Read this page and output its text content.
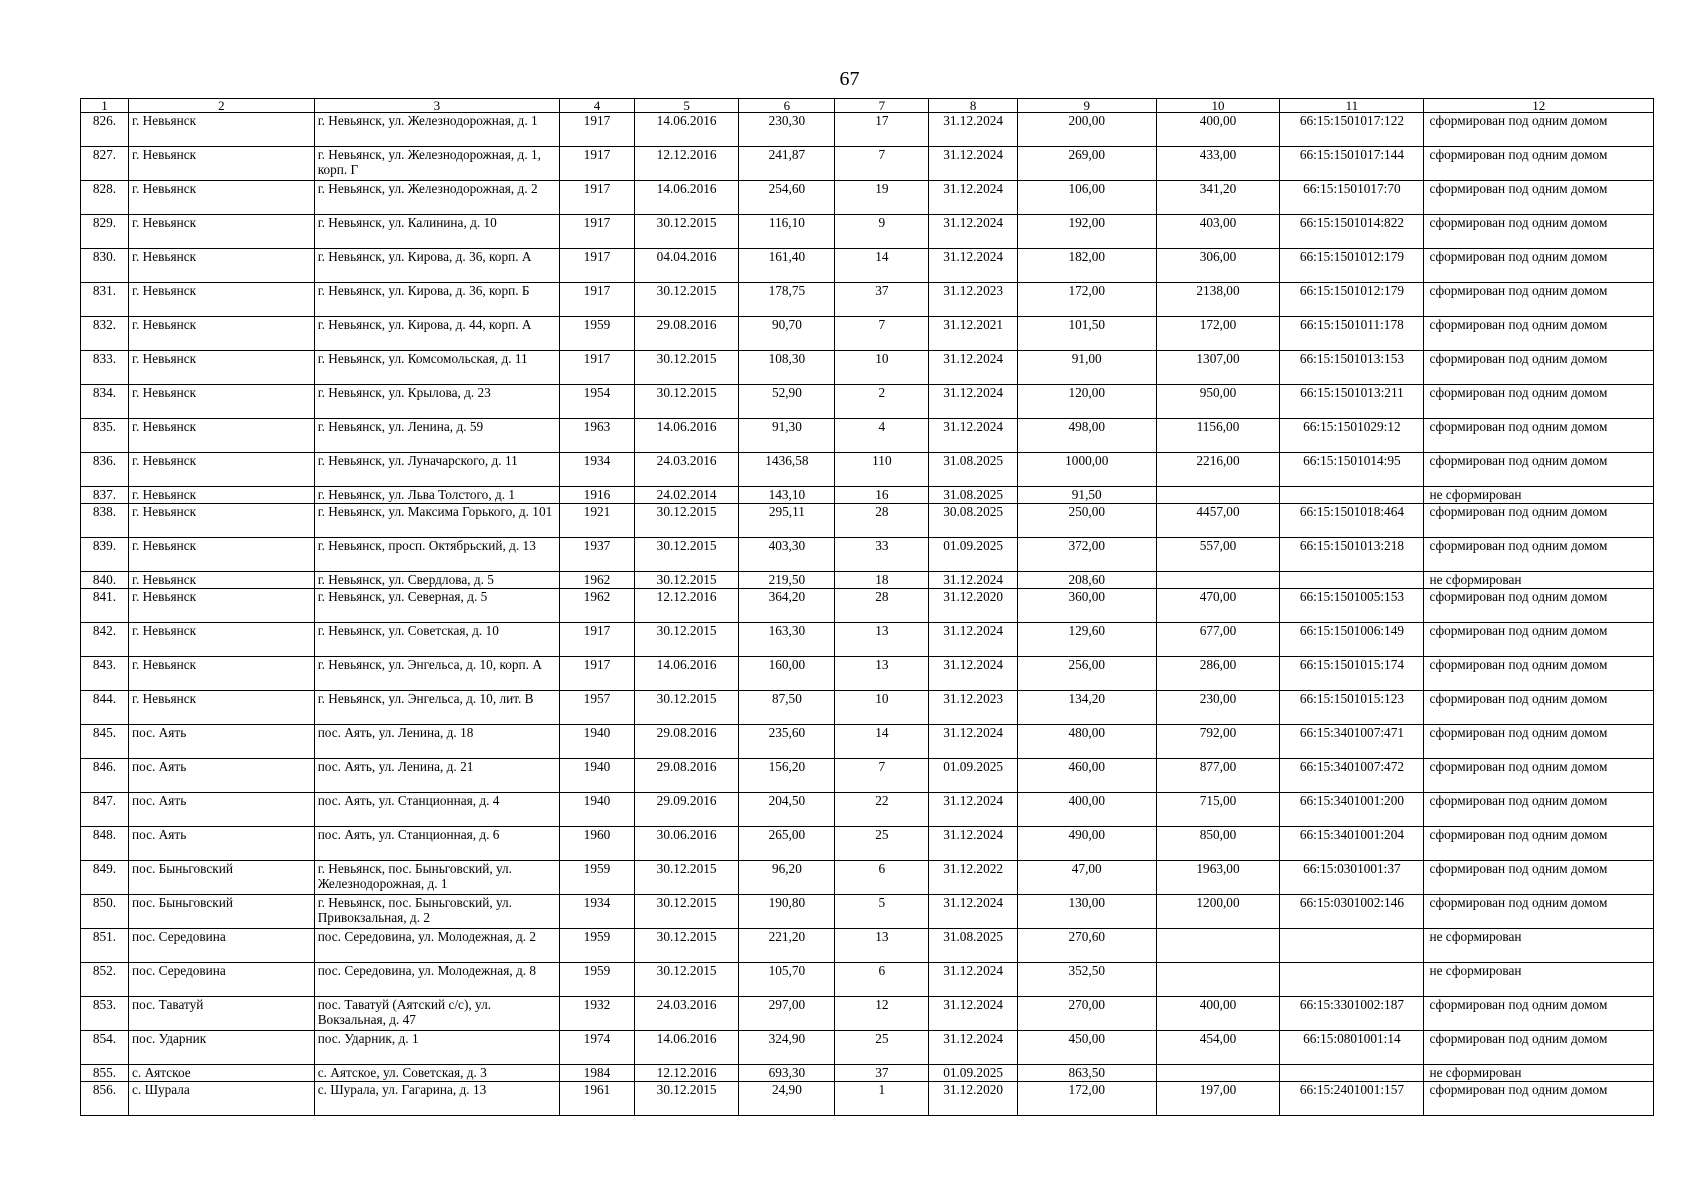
67
1	2	3	4	5	6	7	8	9	10	11	12
826.	г. Невьянск	г. Невьянск, ул. Железнодорожная, д. 1	1917	14.06.2016	230,30	17	31.12.2024	200,00	400,00	66:15:1501017:122	сформирован под одним домом
827.	г. Невьянск	г. Невьянск, ул. Железнодорожная, д. 1, корп. Г	1917	12.12.2016	241,87	7	31.12.2024	269,00	433,00	66:15:1501017:144	сформирован под одним домом
828.	г. Невьянск	г. Невьянск, ул. Железнодорожная, д. 2	1917	14.06.2016	254,60	19	31.12.2024	106,00	341,20	66:15:1501017:70	сформирован под одним домом
829.	г. Невьянск	г. Невьянск, ул. Калинина, д. 10	1917	30.12.2015	116,10	9	31.12.2024	192,00	403,00	66:15:1501014:822	сформирован под одним домом
830.	г. Невьянск	г. Невьянск, ул. Кирова, д. 36, корп. А	1917	04.04.2016	161,40	14	31.12.2024	182,00	306,00	66:15:1501012:179	сформирован под одним домом
831.	г. Невьянск	г. Невьянск, ул. Кирова, д. 36, корп. Б	1917	30.12.2015	178,75	37	31.12.2023	172,00	2138,00	66:15:1501012:179	сформирован под одним домом
832.	г. Невьянск	г. Невьянск, ул. Кирова, д. 44, корп. А	1959	29.08.2016	90,70	7	31.12.2021	101,50	172,00	66:15:1501011:178	сформирован под одним домом
833.	г. Невьянск	г. Невьянск, ул. Комсомольская, д. 11	1917	30.12.2015	108,30	10	31.12.2024	91,00	1307,00	66:15:1501013:153	сформирован под одним домом
834.	г. Невьянск	г. Невьянск, ул. Крылова, д. 23	1954	30.12.2015	52,90	2	31.12.2024	120,00	950,00	66:15:1501013:211	сформирован под одним домом
835.	г. Невьянск	г. Невьянск, ул. Ленина, д. 59	1963	14.06.2016	91,30	4	31.12.2024	498,00	1156,00	66:15:1501029:12	сформирован под одним домом
836.	г. Невьянск	г. Невьянск, ул. Луначарского, д. 11	1934	24.03.2016	1436,58	110	31.08.2025	1000,00	2216,00	66:15:1501014:95	сформирован под одним домом
837.	г. Невьянск	г. Невьянск, ул. Льва Толстого, д. 1	1916	24.02.2014	143,10	16	31.08.2025	91,50			не сформирован
838.	г. Невьянск	г. Невьянск, ул. Максима Горького, д. 101	1921	30.12.2015	295,11	28	30.08.2025	250,00	4457,00	66:15:1501018:464	сформирован под одним домом
839.	г. Невьянск	г. Невьянск, просп. Октябрьский, д. 13	1937	30.12.2015	403,30	33	01.09.2025	372,00	557,00	66:15:1501013:218	сформирован под одним домом
840.	г. Невьянск	г. Невьянск, ул. Свердлова, д. 5	1962	30.12.2015	219,50	18	31.12.2024	208,60			не сформирован
841.	г. Невьянск	г. Невьянск, ул. Северная, д. 5	1962	12.12.2016	364,20	28	31.12.2020	360,00	470,00	66:15:1501005:153	сформирован под одним домом
842.	г. Невьянск	г. Невьянск, ул. Советская, д. 10	1917	30.12.2015	163,30	13	31.12.2024	129,60	677,00	66:15:1501006:149	сформирован под одним домом
843.	г. Невьянск	г. Невьянск, ул. Энгельса, д. 10, корп. А	1917	14.06.2016	160,00	13	31.12.2024	256,00	286,00	66:15:1501015:174	сформирован под одним домом
844.	г. Невьянск	г. Невьянск, ул. Энгельса, д. 10, лит. В	1957	30.12.2015	87,50	10	31.12.2023	134,20	230,00	66:15:1501015:123	сформирован под одним домом
845.	пос. Аять	пос. Аять, ул. Ленина, д. 18	1940	29.08.2016	235,60	14	31.12.2024	480,00	792,00	66:15:3401007:471	сформирован под одним домом
846.	пос. Аять	пос. Аять, ул. Ленина, д. 21	1940	29.08.2016	156,20	7	01.09.2025	460,00	877,00	66:15:3401007:472	сформирован под одним домом
847.	пос. Аять	пос. Аять, ул. Станционная, д. 4	1940	29.09.2016	204,50	22	31.12.2024	400,00	715,00	66:15:3401001:200	сформирован под одним домом
848.	пос. Аять	пос. Аять, ул. Станционная, д. 6	1960	30.06.2016	265,00	25	31.12.2024	490,00	850,00	66:15:3401001:204	сформирован под одним домом
849.	пос. Быньговский	г. Невьянск, пос. Быньговский, ул. Железнодорожная, д. 1	1959	30.12.2015	96,20	6	31.12.2022	47,00	1963,00	66:15:0301001:37	сформирован под одним домом
850.	пос. Быньговский	г. Невьянск, пос. Быньговский, ул. Привокзальная, д. 2	1934	30.12.2015	190,80	5	31.12.2024	130,00	1200,00	66:15:0301002:146	сформирован под одним домом
851.	пос. Середовина	пос. Середовина, ул. Молодежная, д. 2	1959	30.12.2015	221,20	13	31.08.2025	270,60			не сформирован
852.	пос. Середовина	пос. Середовина, ул. Молодежная, д. 8	1959	30.12.2015	105,70	6	31.12.2024	352,50			не сформирован
853.	пос. Таватуй	пос. Таватуй (Аятский с/с), ул. Вокзальная, д. 47	1932	24.03.2016	297,00	12	31.12.2024	270,00	400,00	66:15:3301002:187	сформирован под одним домом
854.	пос. Ударник	пос. Ударник, д. 1	1974	14.06.2016	324,90	25	31.12.2024	450,00	454,00	66:15:0801001:14	сформирован под одним домом
855.	с. Аятское	с. Аятское, ул. Советская, д. 3	1984	12.12.2016	693,30	37	01.09.2025	863,50			не сформирован
856.	с. Шурала	с. Шурала, ул. Гагарина, д. 13	1961	30.12.2015	24,90	1	31.12.2020	172,00	197,00	66:15:2401001:157	сформирован под одним домом
